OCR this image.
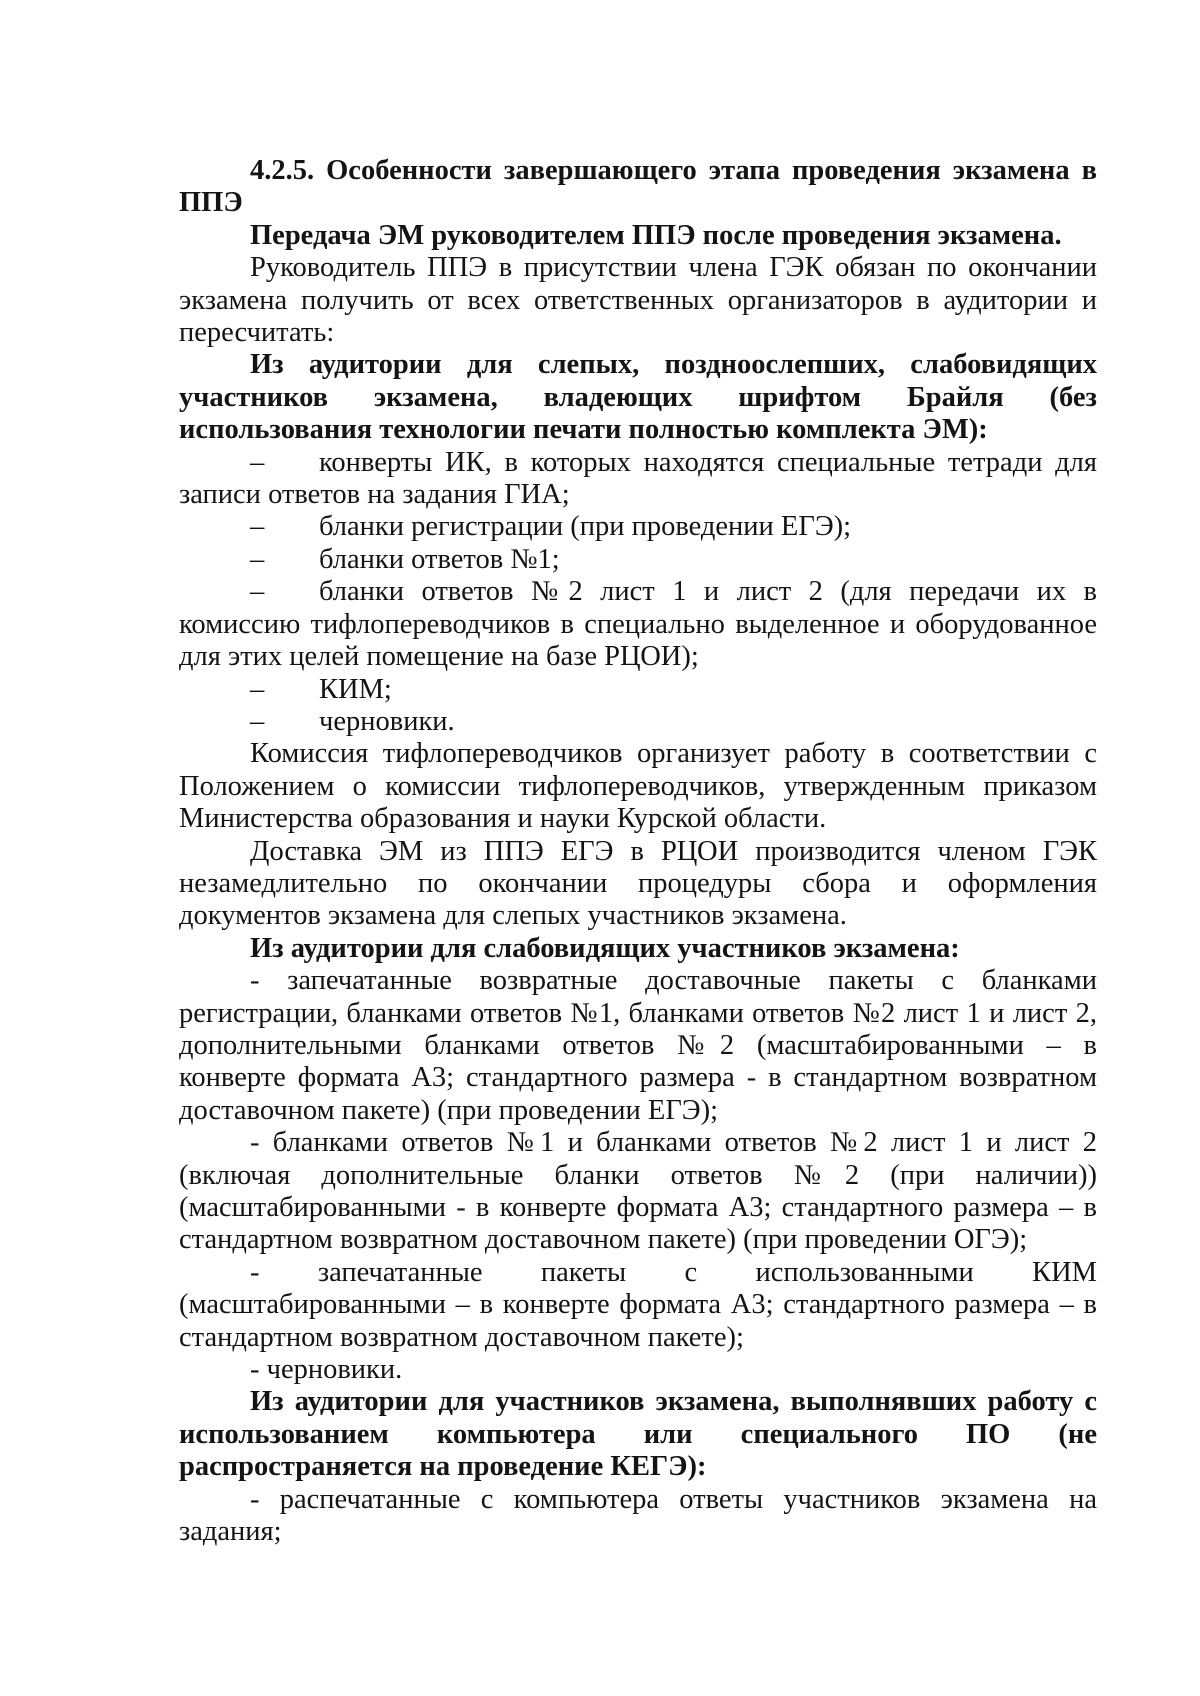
4.2.5. Особенности завершающего этапа проведения экзамена в ППЭ

Передача ЭМ руководителем ППЭ после проведения экзамена.

Руководитель ППЭ в присутствии члена ГЭК обязан по окончании экзамена получить от всех ответственных организаторов в аудитории и пересчитать:

Из аудитории для слепых, поздноослепших, слабовидящих участников экзамена, владеющих шрифтом Брайля (без использования технологии печати полностью комплекта ЭМ):

– конверты ИК, в которых находятся специальные тетради для записи ответов на задания ГИА;

– бланки регистрации (при проведении ЕГЭ);

– бланки ответов №1;

– бланки ответов №2 лист 1 и лист 2 (для передачи их в комиссию тифлопереводчиков в специально выделенное и оборудованное для этих целей помещение на базе РЦОИ);

– КИМ;

– черновики.

Комиссия тифлопереводчиков организует работу в соответствии с Положением о комиссии тифлопереводчиков, утвержденным приказом Министерства образования и науки Курской области.

Доставка ЭМ из ППЭ ЕГЭ в РЦОИ производится членом ГЭК незамедлительно по окончании процедуры сбора и оформления документов экзамена для слепых участников экзамена.

Из аудитории для слабовидящих участников экзамена:

- запечатанные возвратные доставочные пакеты с бланками регистрации, бланками ответов №1, бланками ответов №2 лист 1 и лист 2, дополнительными бланками ответов №2 (масштабированными – в конверте формата А3; стандартного размера - в стандартном возвратном доставочном пакете) (при проведении ЕГЭ);

- бланками ответов №1 и бланками ответов №2 лист 1 и лист 2 (включая дополнительные бланки ответов №2 (при наличии)) (масштабированными - в конверте формата А3; стандартного размера – в стандартном возвратном доставочном пакете) (при проведении ОГЭ);

- запечатанные пакеты с использованными КИМ (масштабированными – в конверте формата А3; стандартного размера – в стандартном возвратном доставочном пакете);

- черновики.

Из аудитории для участников экзамена, выполнявших работу с использованием компьютера или специального ПО (не распространяется на проведение КЕГЭ):

- распечатанные с компьютера ответы участников экзамена на задания;
